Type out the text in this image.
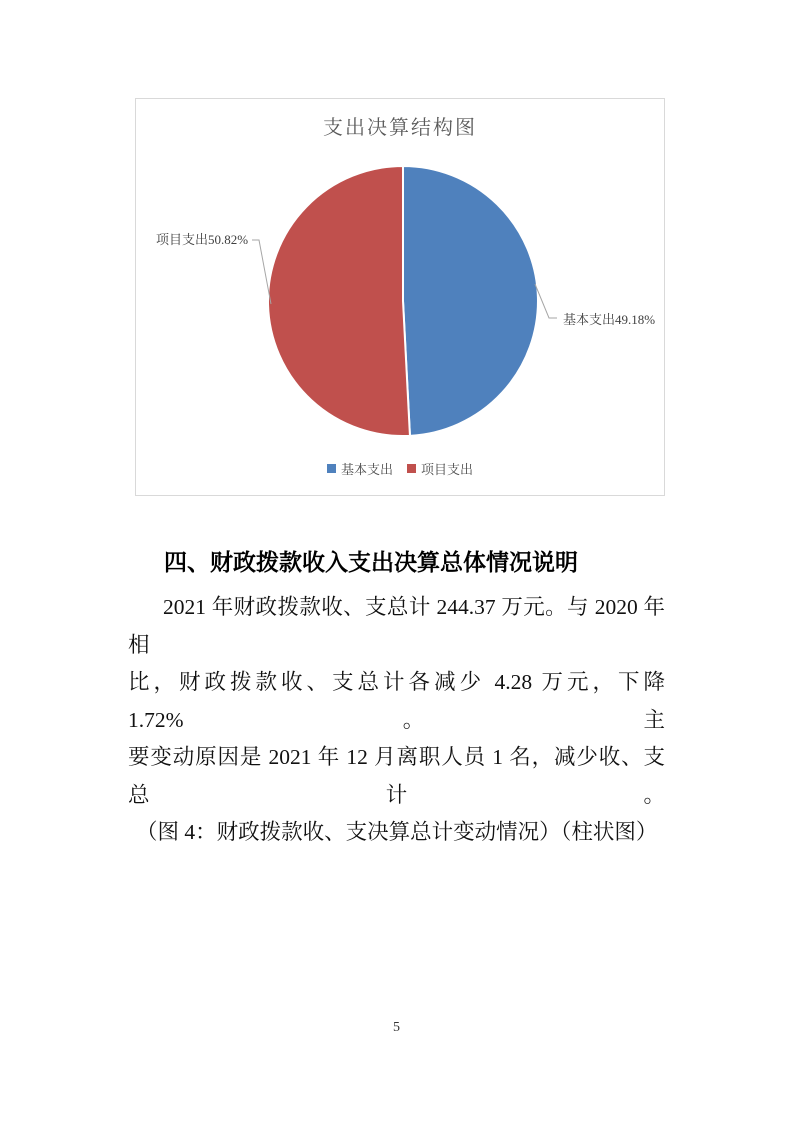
支出决算结构图
项目支出50.82%
基本支出49.18%
基本支出 项目支出
四、财政拨款收入支出决算总体情况说明
2021 年财政拨款收、支总计 244.37 万元。与 2020 年相
比，财政拨款收、支总计各减少 4.28 万元，下降 1.72%。主
要变动原因是 2021 年 12 月离职人员 1 名，减少收、支总计。
（图 4：财政拨款收、支决算总计变动情况）（柱状图）
5
